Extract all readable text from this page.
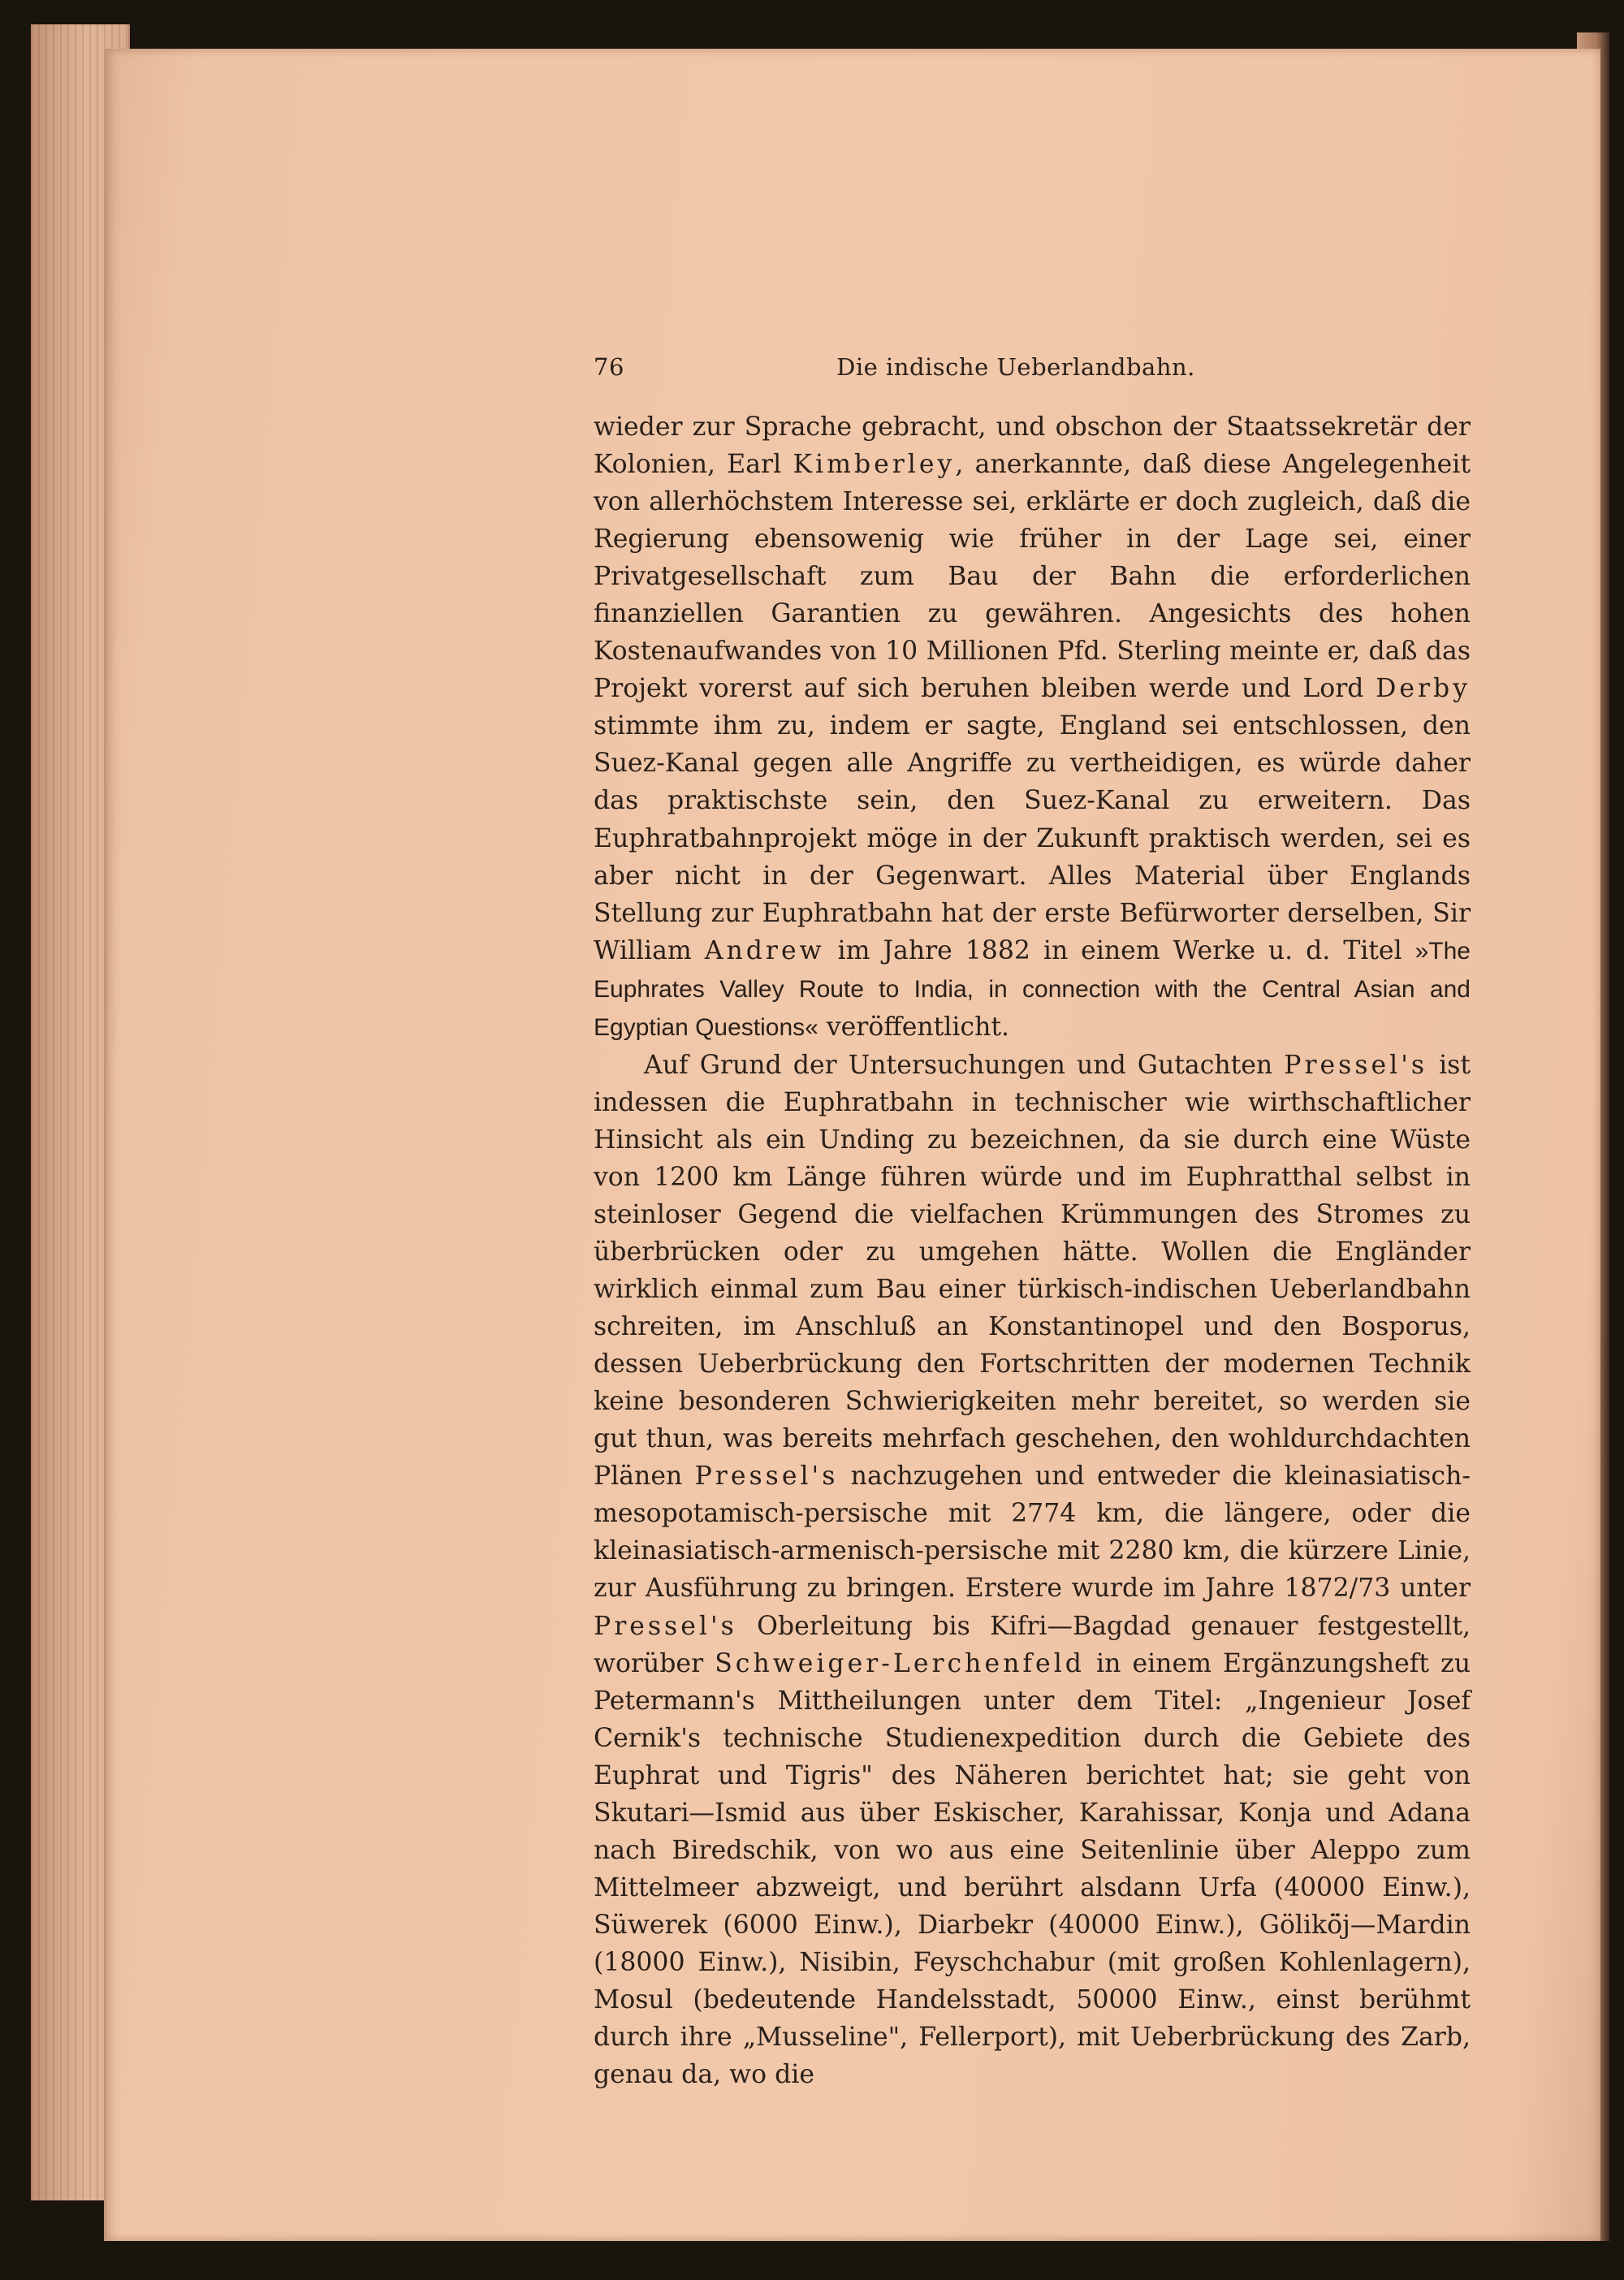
76	Die indische Ueberlandbahn.

wieder zur Sprache gebracht, und obschon der Staatssekretär der Kolonien, Earl Kimberley, anerkannte, daß diese Angelegenheit von allerhöchstem Interesse sei, erklärte er doch zugleich, daß die Regierung ebensowenig wie früher in der Lage sei, einer Privatgesellschaft zum Bau der Bahn die erforderlichen finanziellen Garantien zu gewähren. Angesichts des hohen Kostenaufwandes von 10 Millionen Pfd. Sterling meinte er, daß das Projekt vorerst auf sich beruhen bleiben werde und Lord Derby stimmte ihm zu, indem er sagte, England sei entschlossen, den Suez-Kanal gegen alle Angriffe zu vertheidigen, es würde daher das praktischste sein, den Suez-Kanal zu erweitern. Das Euphratbahnprojekt möge in der Zukunft praktisch werden, sei es aber nicht in der Gegenwart. Alles Material über Englands Stellung zur Euphratbahn hat der erste Befürworter derselben, Sir William Andrew im Jahre 1882 in einem Werke u. d. Titel »The Euphrates Valley Route to India, in connection with the Central Asian and Egyptian Questions« veröffentlicht.

Auf Grund der Untersuchungen und Gutachten Pressel's ist indessen die Euphratbahn in technischer wie wirthschaftlicher Hinsicht als ein Unding zu bezeichnen, da sie durch eine Wüste von 1200 km Länge führen würde und im Euphratthal selbst in steinloser Gegend die vielfachen Krümmungen des Stromes zu überbrücken oder zu umgehen hätte. Wollen die Engländer wirklich einmal zum Bau einer türkisch-indischen Ueberlandbahn schreiten, im Anschluß an Konstantinopel und den Bosporus, dessen Ueberbrückung den Fortschritten der modernen Technik keine besonderen Schwierigkeiten mehr bereitet, so werden sie gut thun, was bereits mehrfach geschehen, den wohldurchdachten Plänen Pressel's nachzugehen und entweder die kleinasiatisch-mesopotamisch-persische mit 2774 km, die längere, oder die kleinasiatisch-armenisch-persische mit 2280 km, die kürzere Linie, zur Ausführung zu bringen. Erstere wurde im Jahre 1872/73 unter Pressel's Oberleitung bis Kifri—Bagdad genauer festgestellt, worüber Schweiger-Lerchenfeld in einem Ergänzungsheft zu Petermann's Mittheilungen unter dem Titel: „Ingenieur Josef Cernik's technische Studienexpedition durch die Gebiete des Euphrat und Tigris" des Näheren berichtet hat; sie geht von Skutari—Ismid aus über Eskischer, Karahissar, Konja und Adana nach Biredschik, von wo aus eine Seitenlinie über Aleppo zum Mittelmeer abzweigt, und berührt alsdann Urfa (40000 Einw.), Süwerek (6000 Einw.), Diarbekr (40000 Einw.), Gölikö̈j—Mardin (18000 Einw.), Nisibin, Feyschchabur (mit großen Kohlenlagern), Mosul (bedeutende Handelsstadt, 50000 Einw., einst berühmt durch ihre „Musseline", Fellerport), mit Ueberbrückung des Zarb, genau da, wo die
